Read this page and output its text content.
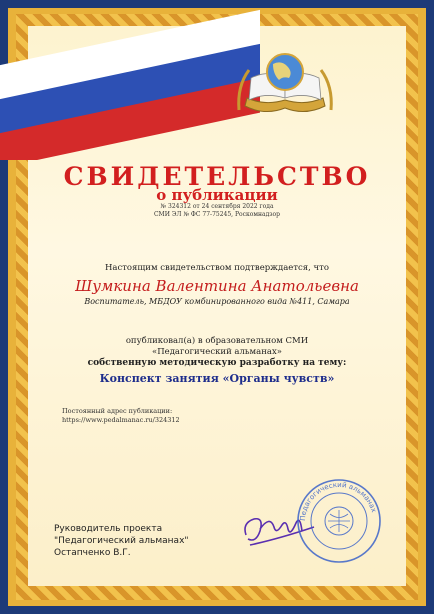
СВИДЕТЕЛЬСТВО
о публикации
№ 324312 от 24 сентября 2022 года
СМИ ЭЛ № ФС 77-75245, Роскомнадзор
Настоящим свидетельством подтверждается, что
Шумкина Валентина Анатольевна
Воспитатель, МБДОУ комбинированного вида №411, Самара
опубликовал(а) в образовательном СМИ
«Педагогический альманах»
собственную методическую разработку на тему:
Конспект занятия «Органы чувств»
Постоянный адрес публикации:
https://www.pedalmanac.ru/324312
Руководитель проекта
"Педагогический альманах"
Остапченко В.Г.
Педагогический альманах
